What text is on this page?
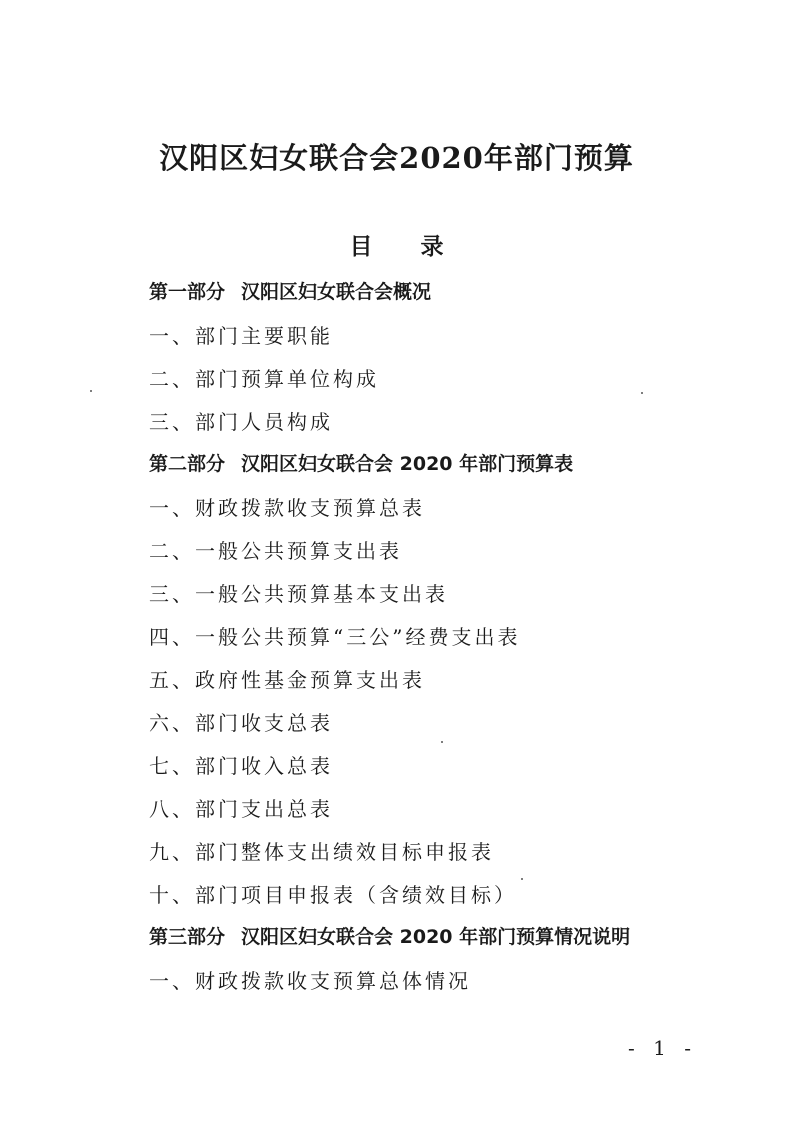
汉阳区妇女联合会2020年部门预算
目 录

第一部分 汉阳区妇女联合会概况

一、部门主要职能

二、部门预算单位构成

三、部门人员构成

第二部分 汉阳区妇女联合会 2020 年部门预算表

一、财政拨款收支预算总表

二、一般公共预算支出表

三、一般公共预算基本支出表

四、一般公共预算“三公”经费支出表

五、政府性基金预算支出表

六、部门收支总表

七、部门收入总表

八、部门支出总表

九、部门整体支出绩效目标申报表

十、部门项目申报表（含绩效目标）

第三部分 汉阳区妇女联合会 2020 年部门预算情况说明

一、财政拨款收支预算总体情况

- 1 -
